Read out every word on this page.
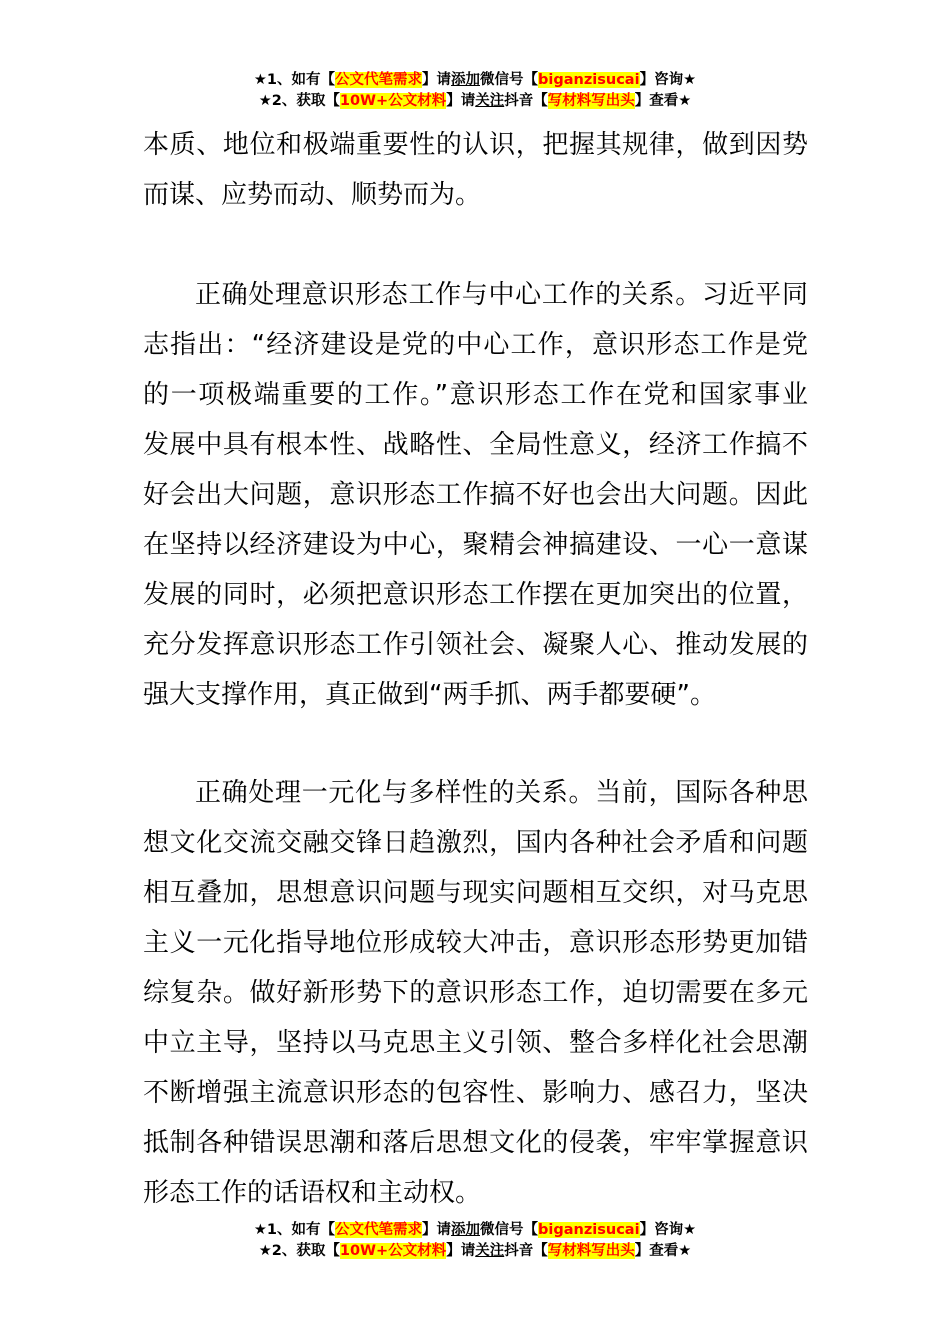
★1、如有【公文代笔需求】请添加微信号【biganzisucai】咨询★
★2、获取【10W+公文材料】请关注抖音【写材料写出头】查看★
本质、地位和极端重要性的认识，把握其规律，做到因势
而谋、应势而动、顺势而为。
正确处理意识形态工作与中心工作的关系。习近平同
志指出：“经济建设是党的中心工作，意识形态工作是党
的一项极端重要的工作。”意识形态工作在党和国家事业
发展中具有根本性、战略性、全局性意义，经济工作搞不
好会出大问题，意识形态工作搞不好也会出大问题。因此
在坚持以经济建设为中心，聚精会神搞建设、一心一意谋
发展的同时，必须把意识形态工作摆在更加突出的位置，
充分发挥意识形态工作引领社会、凝聚人心、推动发展的
强大支撑作用，真正做到“两手抓、两手都要硬”。
正确处理一元化与多样性的关系。当前，国际各种思
想文化交流交融交锋日趋激烈，国内各种社会矛盾和问题
相互叠加，思想意识问题与现实问题相互交织，对马克思
主义一元化指导地位形成较大冲击，意识形态形势更加错
综复杂。做好新形势下的意识形态工作，迫切需要在多元
中立主导，坚持以马克思主义引领、整合多样化社会思潮
不断增强主流意识形态的包容性、影响力、感召力，坚决
抵制各种错误思潮和落后思想文化的侵袭，牢牢掌握意识
形态工作的话语权和主动权。
★1、如有【公文代笔需求】请添加微信号【biganzisucai】咨询★
★2、获取【10W+公文材料】请关注抖音【写材料写出头】查看★
